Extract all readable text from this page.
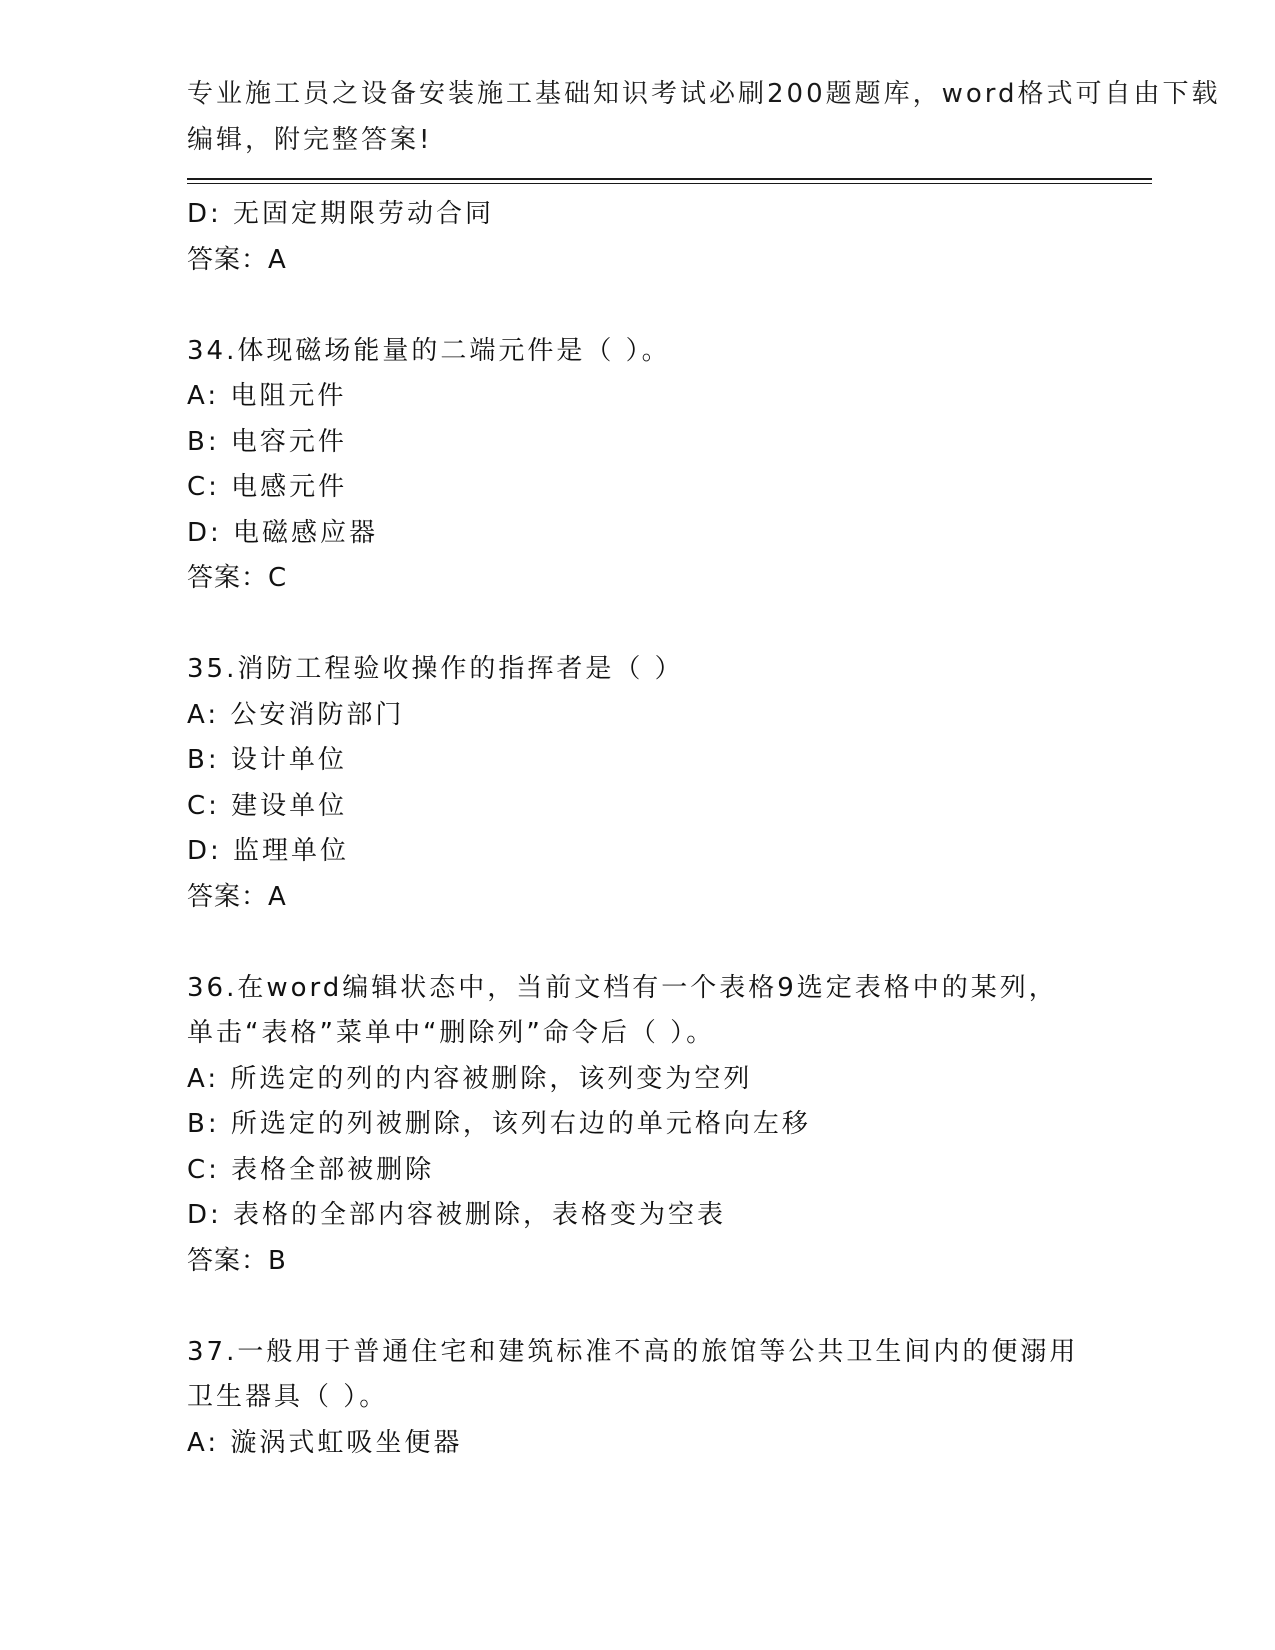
专业施工员之设备安装施工基础知识考试必刷200题题库，word格式可自由下载
编辑，附完整答案!
D: 无固定期限劳动合同
答案：A
34.体现磁场能量的二端元件是（ ）。
A: 电阻元件
B: 电容元件
C: 电感元件
D: 电磁感应器
答案：C
35.消防工程验收操作的指挥者是（ ）
A: 公安消防部门
B: 设计单位
C: 建设单位
D: 监理单位
答案：A
36.在word编辑状态中，当前文档有一个表格9选定表格中的某列，
单击“表格”菜单中“删除列”命令后（ ）。
A: 所选定的列的内容被删除，该列变为空列
B: 所选定的列被删除，该列右边的单元格向左移
C: 表格全部被删除
D: 表格的全部内容被删除，表格变为空表
答案：B
37.一般用于普通住宅和建筑标准不高的旅馆等公共卫生间内的便溺用
卫生器具（ ）。
A: 漩涡式虹吸坐便器
